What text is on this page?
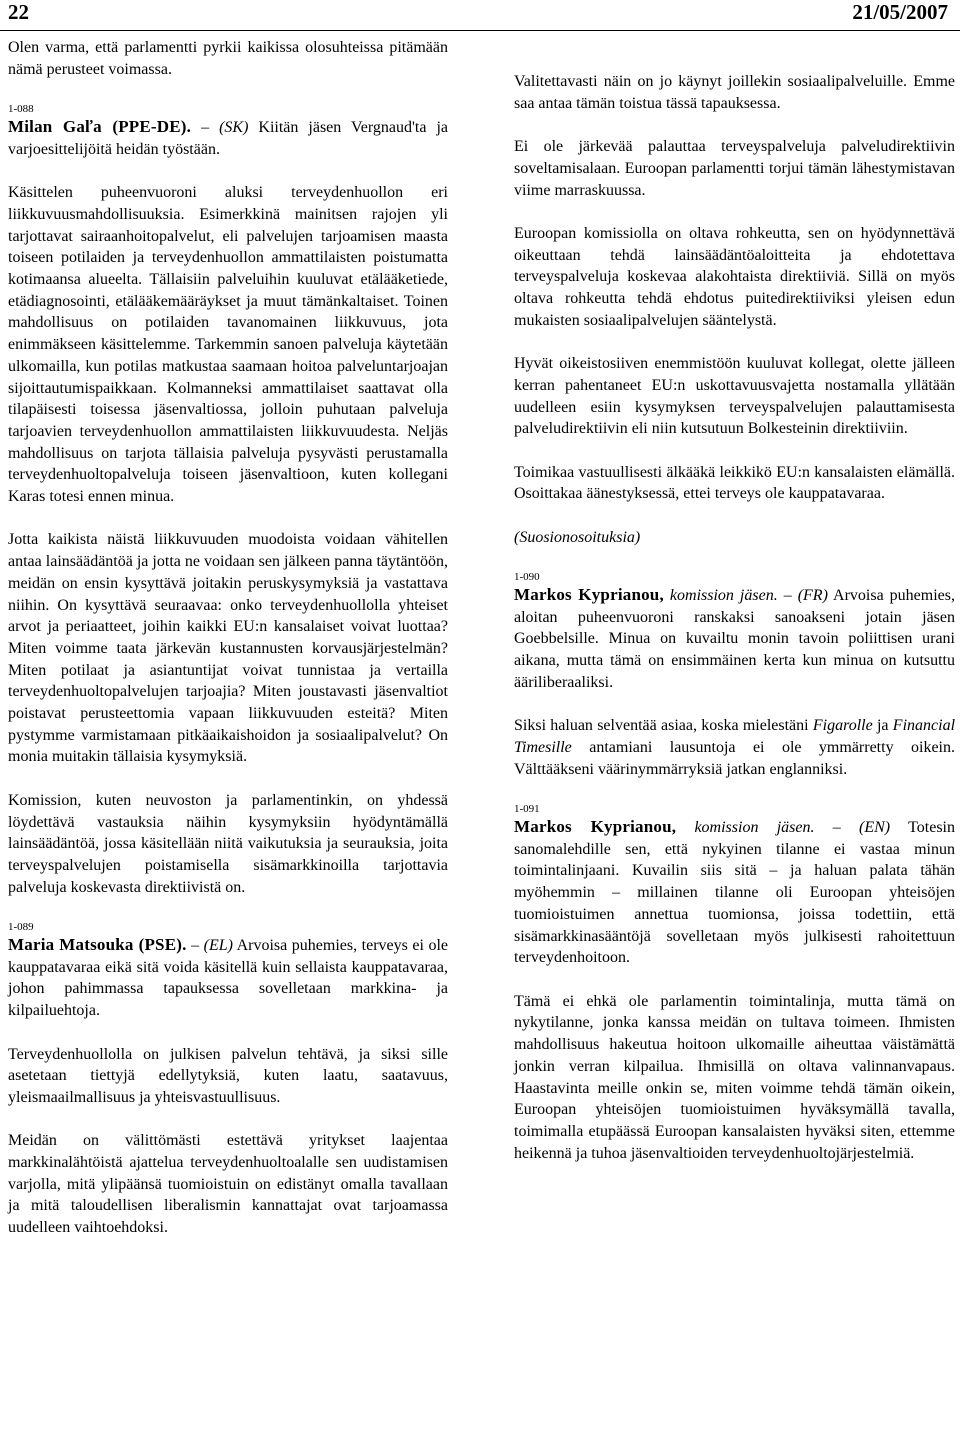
22	21/05/2007

Olen varma, että parlamentti pyrkii kaikissa olosuhteissa pitämään nämä perusteet voimassa.

1-088

Milan Gaľa (PPE-DE). – (SK) Kiitän jäsen Vergnaud'ta ja varjoesittelijöitä heidän työstään.

Käsittelen puheenvuoroni aluksi terveydenhuollon eri liikkuvuusmahdollisuuksia. Esimerkkinä mainitsen rajojen yli tarjottavat sairaanhoitopalvelut, eli palvelujen tarjoamisen maasta toiseen potilaiden ja terveydenhuollon ammattilaisten poistumatta kotimaansa alueelta. Tällaisiin palveluihin kuuluvat etälääketiede, etädiagnosointi, etälääkemääräykset ja muut tämänkaltaiset. Toinen mahdollisuus on potilaiden tavanomainen liikkuvuus, jota enimmäkseen käsittelemme. Tarkemmin sanoen palveluja käytetään ulkomailla, kun potilas matkustaa saamaan hoitoa palveluntarjoajan sijoittautumispaikkaan. Kolmanneksi ammattilaiset saattavat olla tilapäisesti toisessa jäsenvaltiossa, jolloin puhutaan palveluja tarjoavien terveydenhuollon ammattilaisten liikkuvuudesta. Neljäs mahdollisuus on tarjota tällaisia palveluja pysyvästi perustamalla terveydenhuoltopalveluja toiseen jäsenvaltioon, kuten kollegani Karas totesi ennen minua.

Jotta kaikista näistä liikkuvuuden muodoista voidaan vähitellen antaa lainsäädäntöä ja jotta ne voidaan sen jälkeen panna täytäntöön, meidän on ensin kysyttävä joitakin peruskysymyksiä ja vastattava niihin. On kysyttävä seuraavaa: onko terveydenhuollolla yhteiset arvot ja periaatteet, joihin kaikki EU:n kansalaiset voivat luottaa? Miten voimme taata järkevän kustannusten korvausjärjestelmän? Miten potilaat ja asiantuntijat voivat tunnistaa ja vertailla terveydenhuoltopalvelujen tarjoajia? Miten joustavasti jäsenvaltiot poistavat perusteettomia vapaan liikkuvuuden esteitä? Miten pystymme varmistamaan pitkäaikaishoidon ja sosiaalipalvelut? On monia muitakin tällaisia kysymyksiä.

Komission, kuten neuvoston ja parlamentinkin, on yhdessä löydettävä vastauksia näihin kysymyksiin hyödyntämällä lainsäädäntöä, jossa käsitellään niitä vaikutuksia ja seurauksia, joita terveyspalvelujen poistamisella sisämarkkinoilla tarjottavia palveluja koskevasta direktiivistä on.

1-089

Maria Matsouka (PSE). – (EL) Arvoisa puhemies, terveys ei ole kauppatavaraa eikä sitä voida käsitellä kuin sellaista kauppatavaraa, johon pahimmassa tapauksessa sovelletaan markkina- ja kilpailuehtoja.

Terveydenhuollolla on julkisen palvelun tehtävä, ja siksi sille asetetaan tiettyjä edellytyksiä, kuten laatu, saatavuus, yleismaailmallisuus ja yhteisvastuullisuus.

Meidän on välittömästi estettävä yritykset laajentaa markkinalähtöistä ajattelua terveydenhuoltoalalle sen uudistamisen varjolla, mitä ylipäänsä tuomioistuin on edistänyt omalla tavallaan ja mitä taloudellisen liberalismin kannattajat ovat tarjoamassa uudelleen vaihtoehdoksi.

Valitettavasti näin on jo käynyt joillekin sosiaalipalveluille. Emme saa antaa tämän toistua tässä tapauksessa.

Ei ole järkevää palauttaa terveyspalveluja palveludirektiivin soveltamisalaan. Euroopan parlamentti torjui tämän lähestymistavan viime marraskuussa.

Euroopan komissiolla on oltava rohkeutta, sen on hyödynnettävä oikeuttaan tehdä lainsäädäntöaloitteita ja ehdotettava terveyspalveluja koskevaa alakohtaista direktiiviä. Sillä on myös oltava rohkeutta tehdä ehdotus puitedirektiiviksi yleisen edun mukaisten sosiaalipalvelujen sääntelystä.

Hyvät oikeistosiiven enemmistöön kuuluvat kollegat, olette jälleen kerran pahentaneet EU:n uskottavuusvajetta nostamalla yllätään uudelleen esiin kysymyksen terveyspalvelujen palauttamisesta palveludirektiivin eli niin kutsutuun Bolkesteinin direktiiviin.

Toimikaa vastuullisesti älkääkä leikkikö EU:n kansalaisten elämällä. Osoittakaa äänestyksessä, ettei terveys ole kauppatavaraa.

(Suosionosoituksia)

1-090

Markos Kyprianou, komission jäsen. – (FR) Arvoisa puhemies, aloitan puheenvuoroni ranskaksi sanoakseni jotain jäsen Goebbelsille. Minua on kuvailtu monin tavoin poliittisen urani aikana, mutta tämä on ensimmäinen kerta kun minua on kutsuttu ääriliberaaliksi.

Siksi haluan selventää asiaa, koska mielestäni Figarolle ja Financial Timesille antamiani lausuntoja ei ole ymmärretty oikein. Välttääkseni väärinymmärryksiä jatkan englanniksi.

1-091

Markos Kyprianou, komission jäsen. – (EN) Totesin sanomalehdille sen, että nykyinen tilanne ei vastaa minun toimintalinjaani. Kuvailin siis sitä – ja haluan palata tähän myöhemmin – millainen tilanne oli Euroopan yhteisöjen tuomioistuimen annettua tuomionsa, joissa todettiin, että sisämarkkinasääntöjä sovelletaan myös julkisesti rahoitettuun terveydenhoitoon.

Tämä ei ehkä ole parlamentin toimintalinja, mutta tämä on nykytilanne, jonka kanssa meidän on tultava toimeen. Ihmisten mahdollisuus hakeutua hoitoon ulkomaille aiheuttaa väistämättä jonkin verran kilpailua. Ihmisillä on oltava valinnanvapaus. Haastavinta meille onkin se, miten voimme tehdä tämän oikein, Euroopan yhteisöjen tuomioistuimen hyväksymällä tavalla, toimimalla etupäässä Euroopan kansalaisten hyväksi siten, ettemme heikennä ja tuhoa jäsenvaltioiden terveydenhuoltojärjestelmiä.
